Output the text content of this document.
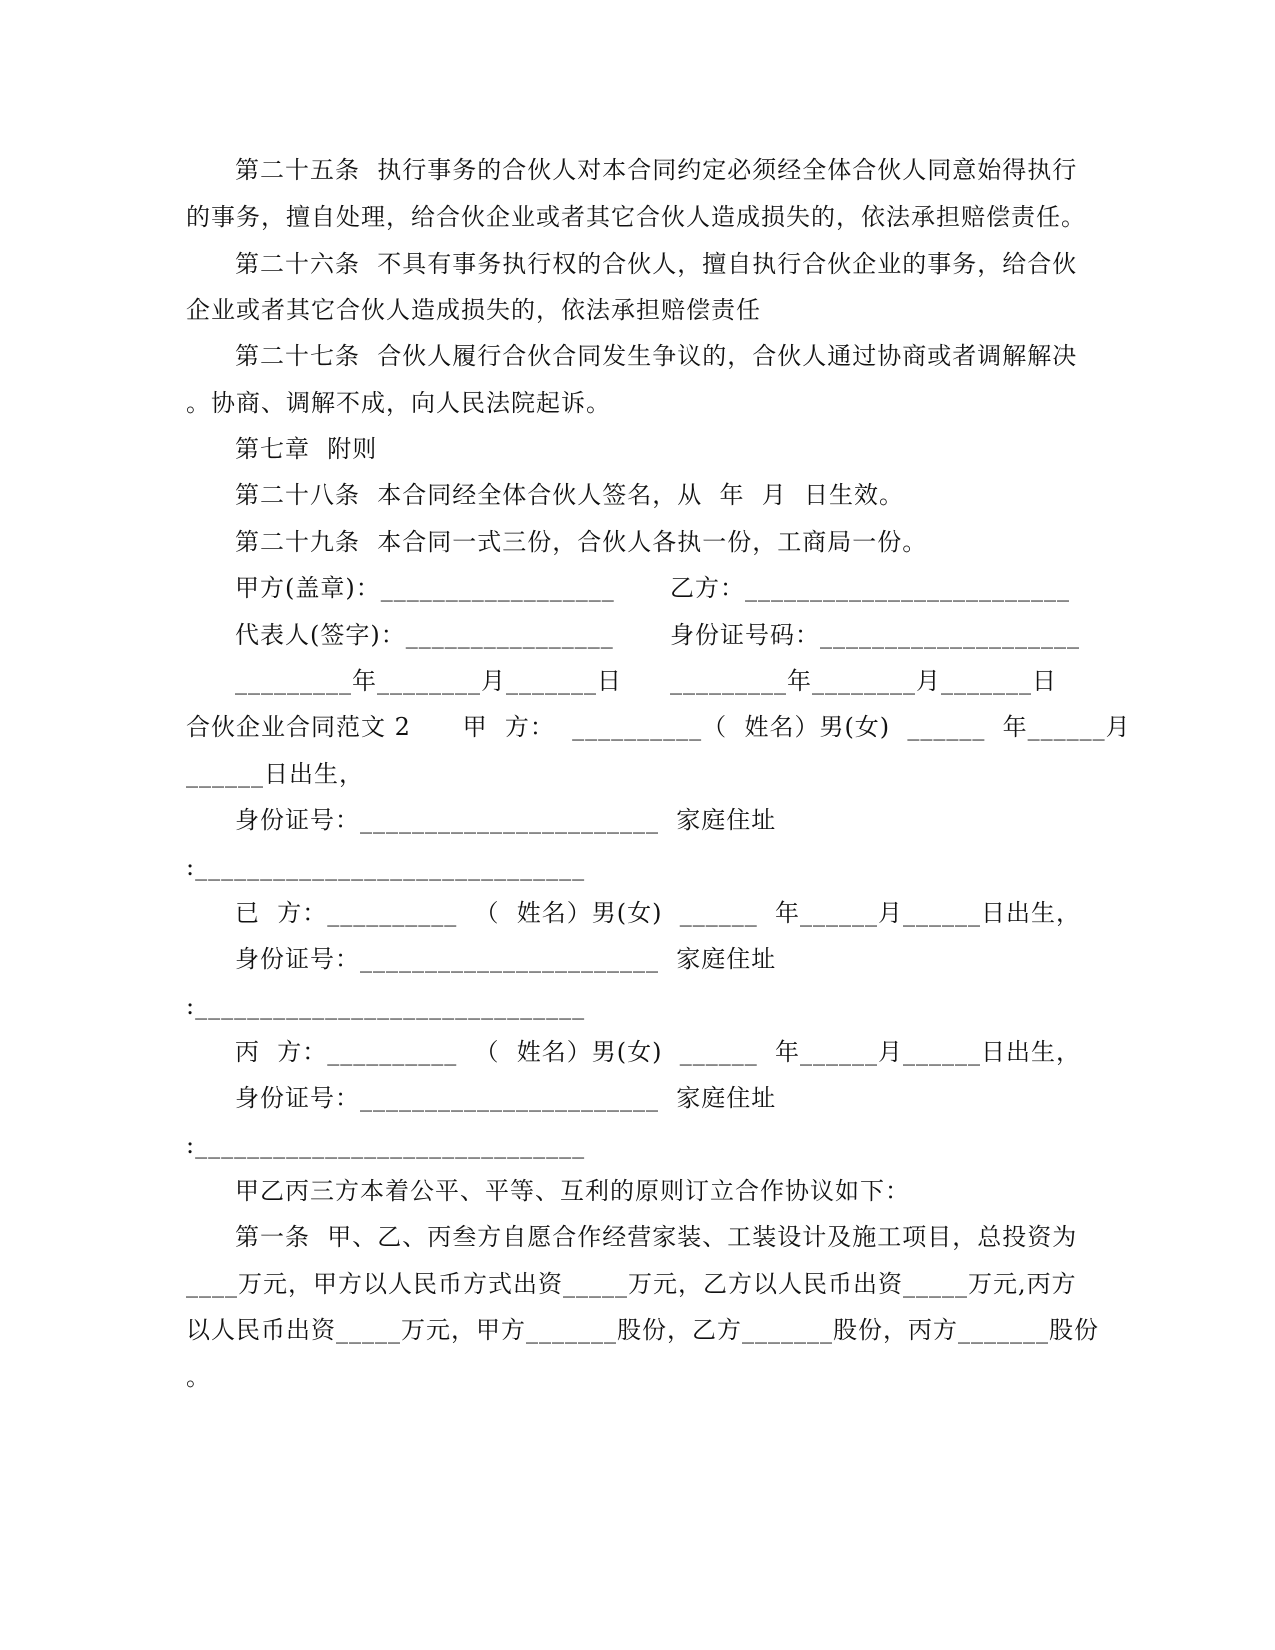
第二十五条  执行事务的合伙人对本合同约定必须经全体合伙人同意始得执行
的事务，擅自处理，给合伙企业或者其它合伙人造成损失的，依法承担赔偿责任。
第二十六条  不具有事务执行权的合伙人，擅自执行合伙企业的事务，给合伙
企业或者其它合伙人造成损失的，依法承担赔偿责任
第二十七条  合伙人履行合伙合同发生争议的，合伙人通过协商或者调解解决
。协商、调解不成，向人民法院起诉。
第七章  附则
第二十八条  本合同经全体合伙人签名，从  年  月  日生效。
第二十九条  本合同一式三份，合伙人各执一份，工商局一份。
甲方(盖章)：__________________ 乙方：_________________________
代表人(签字)：________________ 身份证号码：____________________
_________年________月_______日 _________年________月_______日
合伙企业合同范文 2      甲  方：  __________（  姓名）男(女)  ______  年______月
______日出生，
身份证号：_______________________  家庭住址
:______________________________
已  方：__________  （  姓名）男(女)  ______  年______月______日出生，
身份证号：_______________________  家庭住址
:______________________________
丙  方：__________  （  姓名）男(女)  ______  年______月______日出生，
身份证号：_______________________  家庭住址
:______________________________
甲乙丙三方本着公平、平等、互利的原则订立合作协议如下：
第一条  甲、乙、丙叁方自愿合作经营家装、工装设计及施工项目，总投资为
____万元，甲方以人民币方式出资_____万元，乙方以人民币出资_____万元,丙方
以人民币出资_____万元，甲方_______股份，乙方_______股份，丙方_______股份
。
